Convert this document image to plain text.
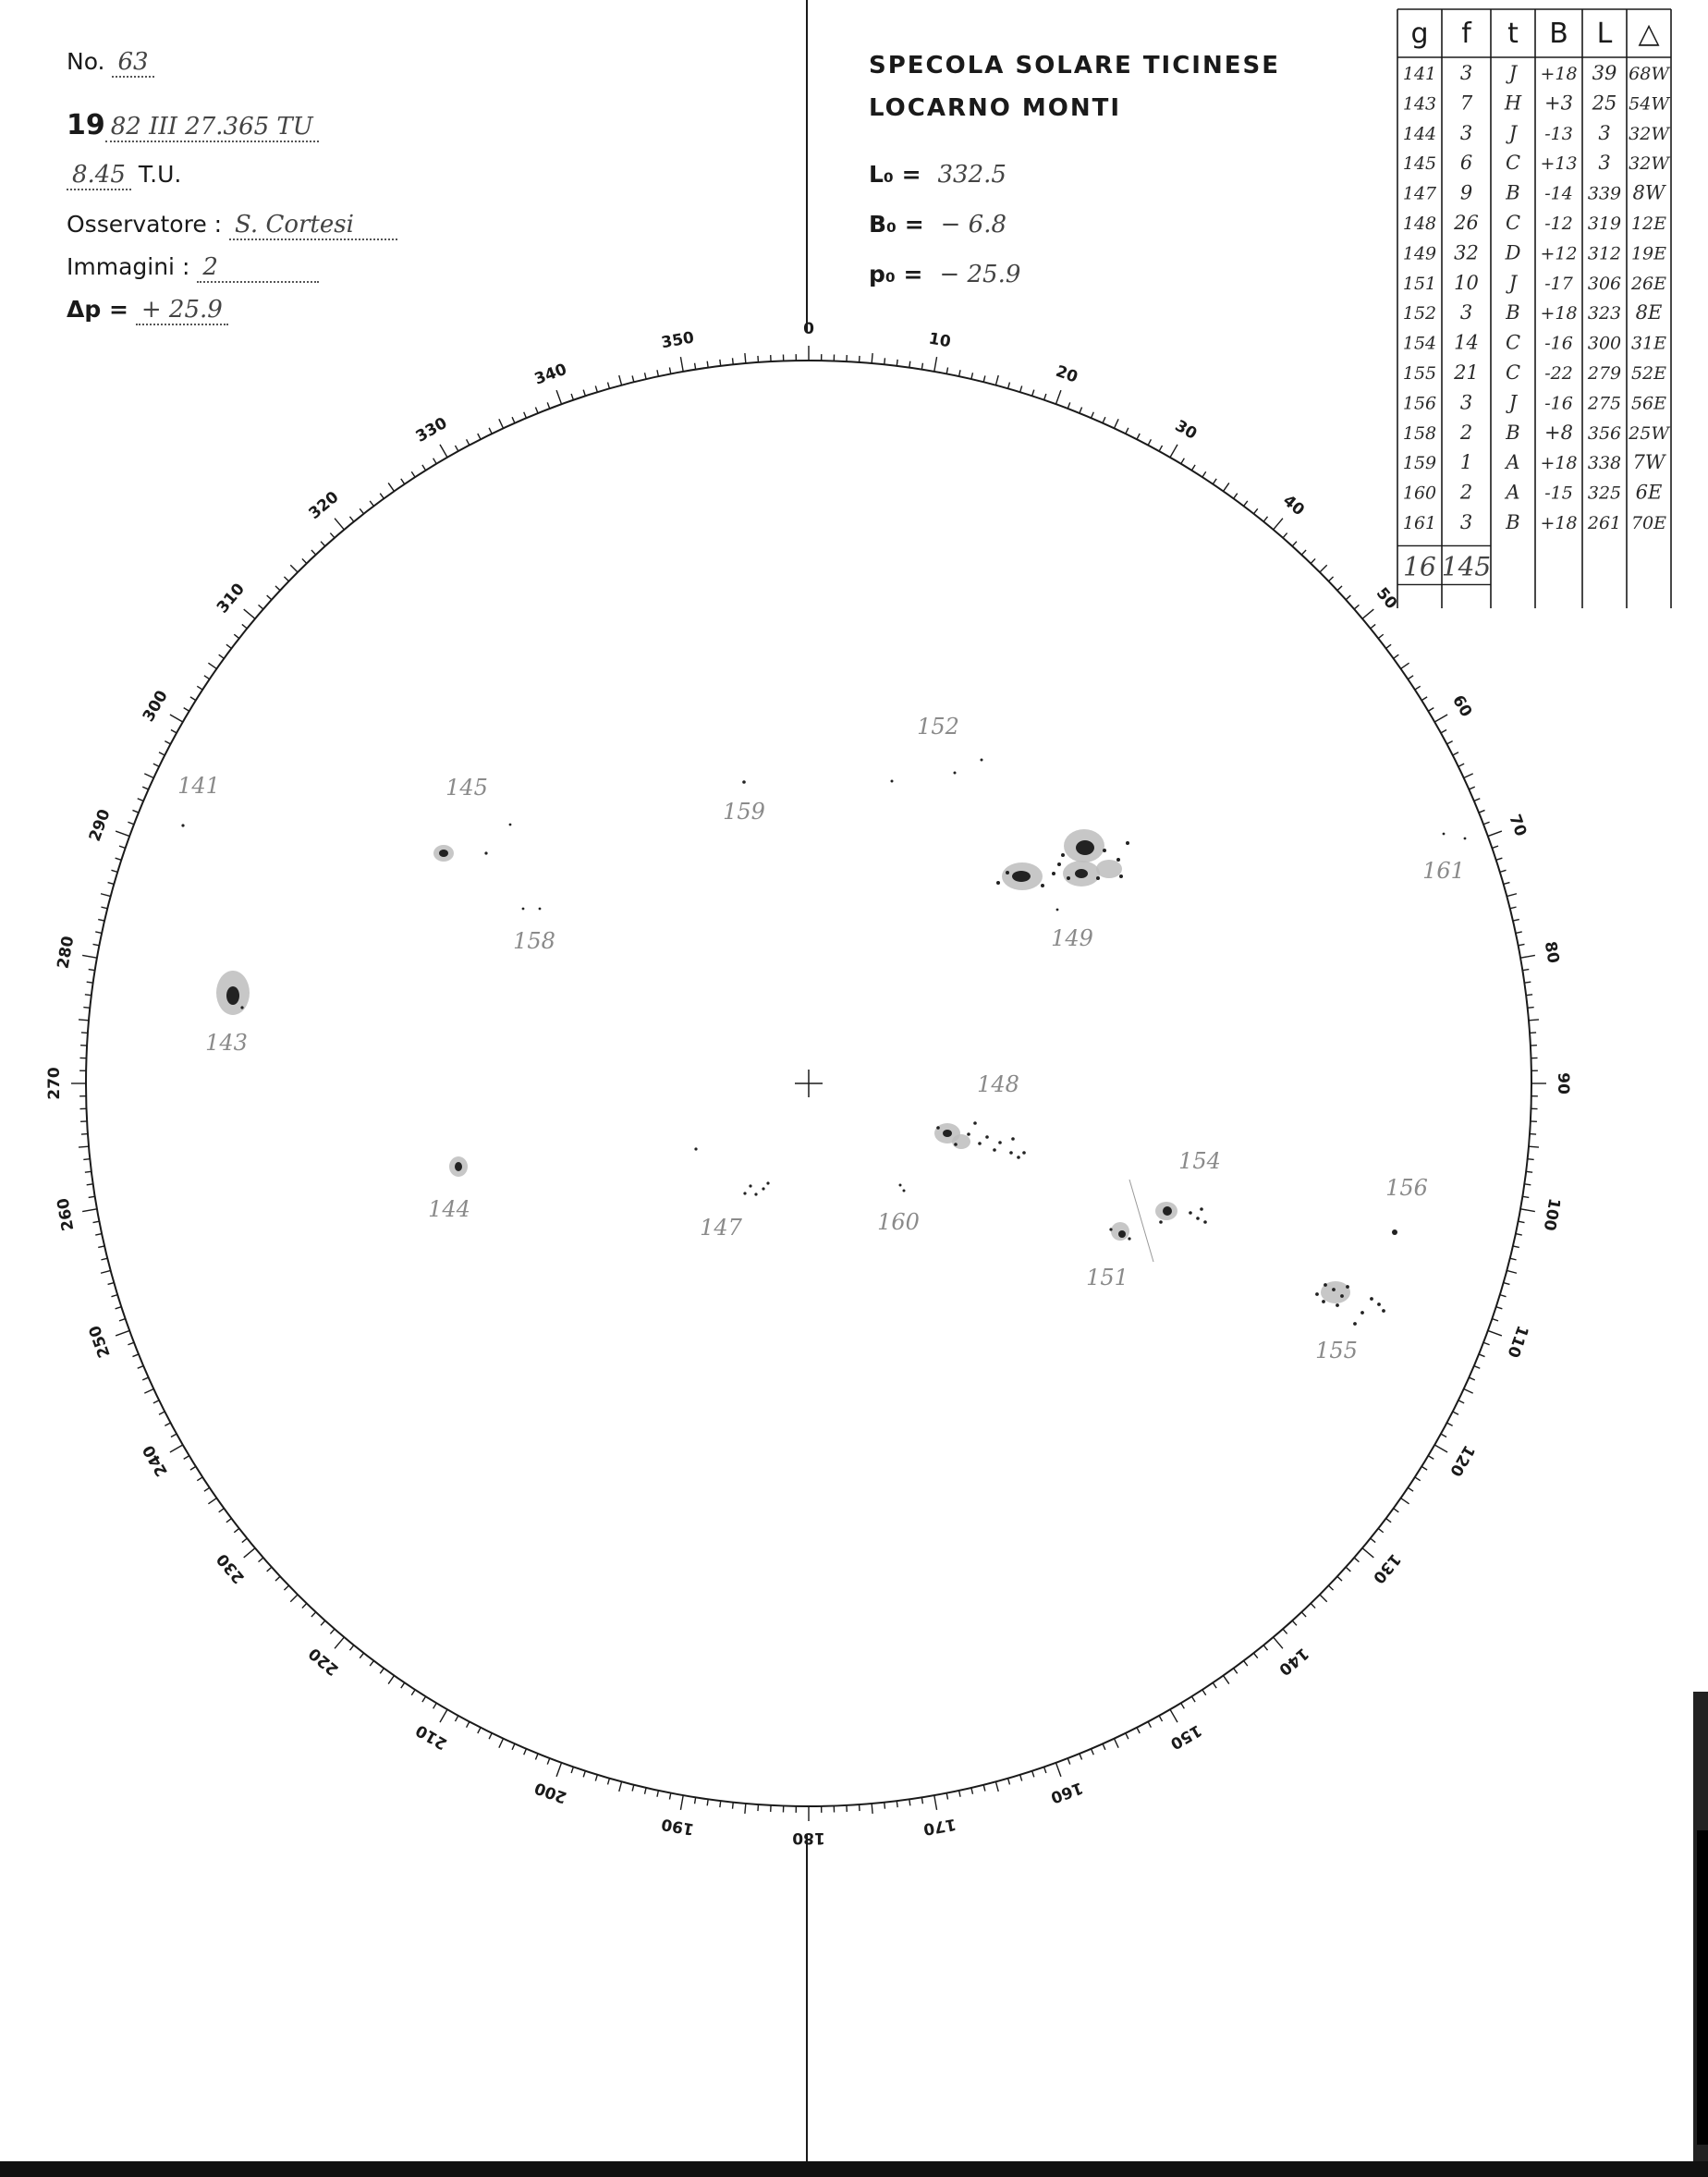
No. 63
19 82 III 27.365 TU
8.45 T.U.
Osservatore : S. Cortesi
Immagini : 2
Δp = + 25.9
SPECOLA SOLARE TICINESE
LOCARNO MONTI
L₀ = 332.5
B₀ = − 6.8
p₀ = − 25.9
0
10
20
30
40
50
60
70
80
90
100
110
120
130
140
150
160
170
180
190
200
210
220
230
240
250
260
270
280
290
300
310
320
330
340
350
141
143
144
145
147
148
149
151
152
154
155
156
158
159
160
161
g f t B L △
141 3 J +18 39 68W
143 7 H +3 25 54W
144 3 J -13 3 32W
145 6 C +13 3 32W
147 9 B -14 339 8W
148 26 C -12 319 12E
149 32 D +12 312 19E
151 10 J -17 306 26E
152 3 B +18 323 8E
154 14 C -16 300 31E
155 21 C -22 279 52E
156 3 J -16 275 56E
158 2 B +8 356 25W
159 1 A +18 338 7W
160 2 A -15 325 6E
161 3 B +18 261 70E
16 145
